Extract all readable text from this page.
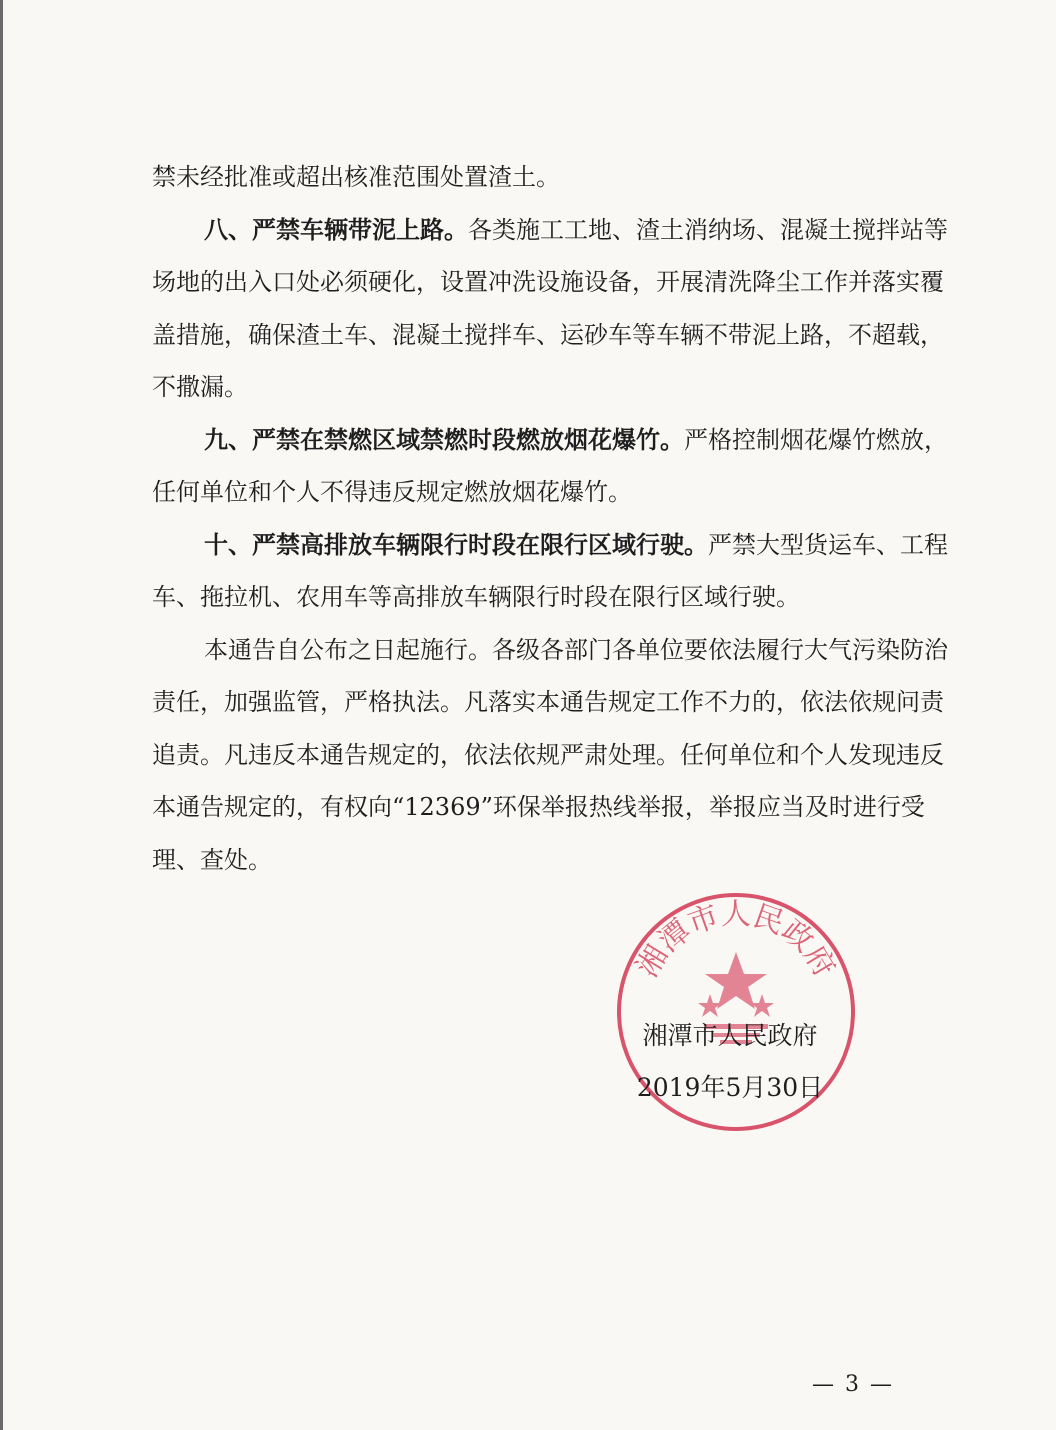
禁未经批准或超出核准范围处置渣土。

八、严禁车辆带泥上路。各类施工工地、渣土消纳场、混凝土搅拌站等场地的出入口处必须硬化，设置冲洗设施设备，开展清洗降尘工作并落实覆盖措施，确保渣土车、混凝土搅拌车、运砂车等车辆不带泥上路，不超载，不撒漏。

九、严禁在禁燃区域禁燃时段燃放烟花爆竹。严格控制烟花爆竹燃放，任何单位和个人不得违反规定燃放烟花爆竹。

十、严禁高排放车辆限行时段在限行区域行驶。严禁大型货运车、工程车、拖拉机、农用车等高排放车辆限行时段在限行区域行驶。

本通告自公布之日起施行。各级各部门各单位要依法履行大气污染防治责任，加强监管，严格执法。凡落实本通告规定工作不力的，依法依规问责追责。凡违反本通告规定的，依法依规严肃处理。任何单位和个人发现违反本通告规定的，有权向“12369”环保举报热线举报，举报应当及时进行受理、查处。

湘潭市人民政府
湘潭市人民政府
2019年5月30日
— 3 —
